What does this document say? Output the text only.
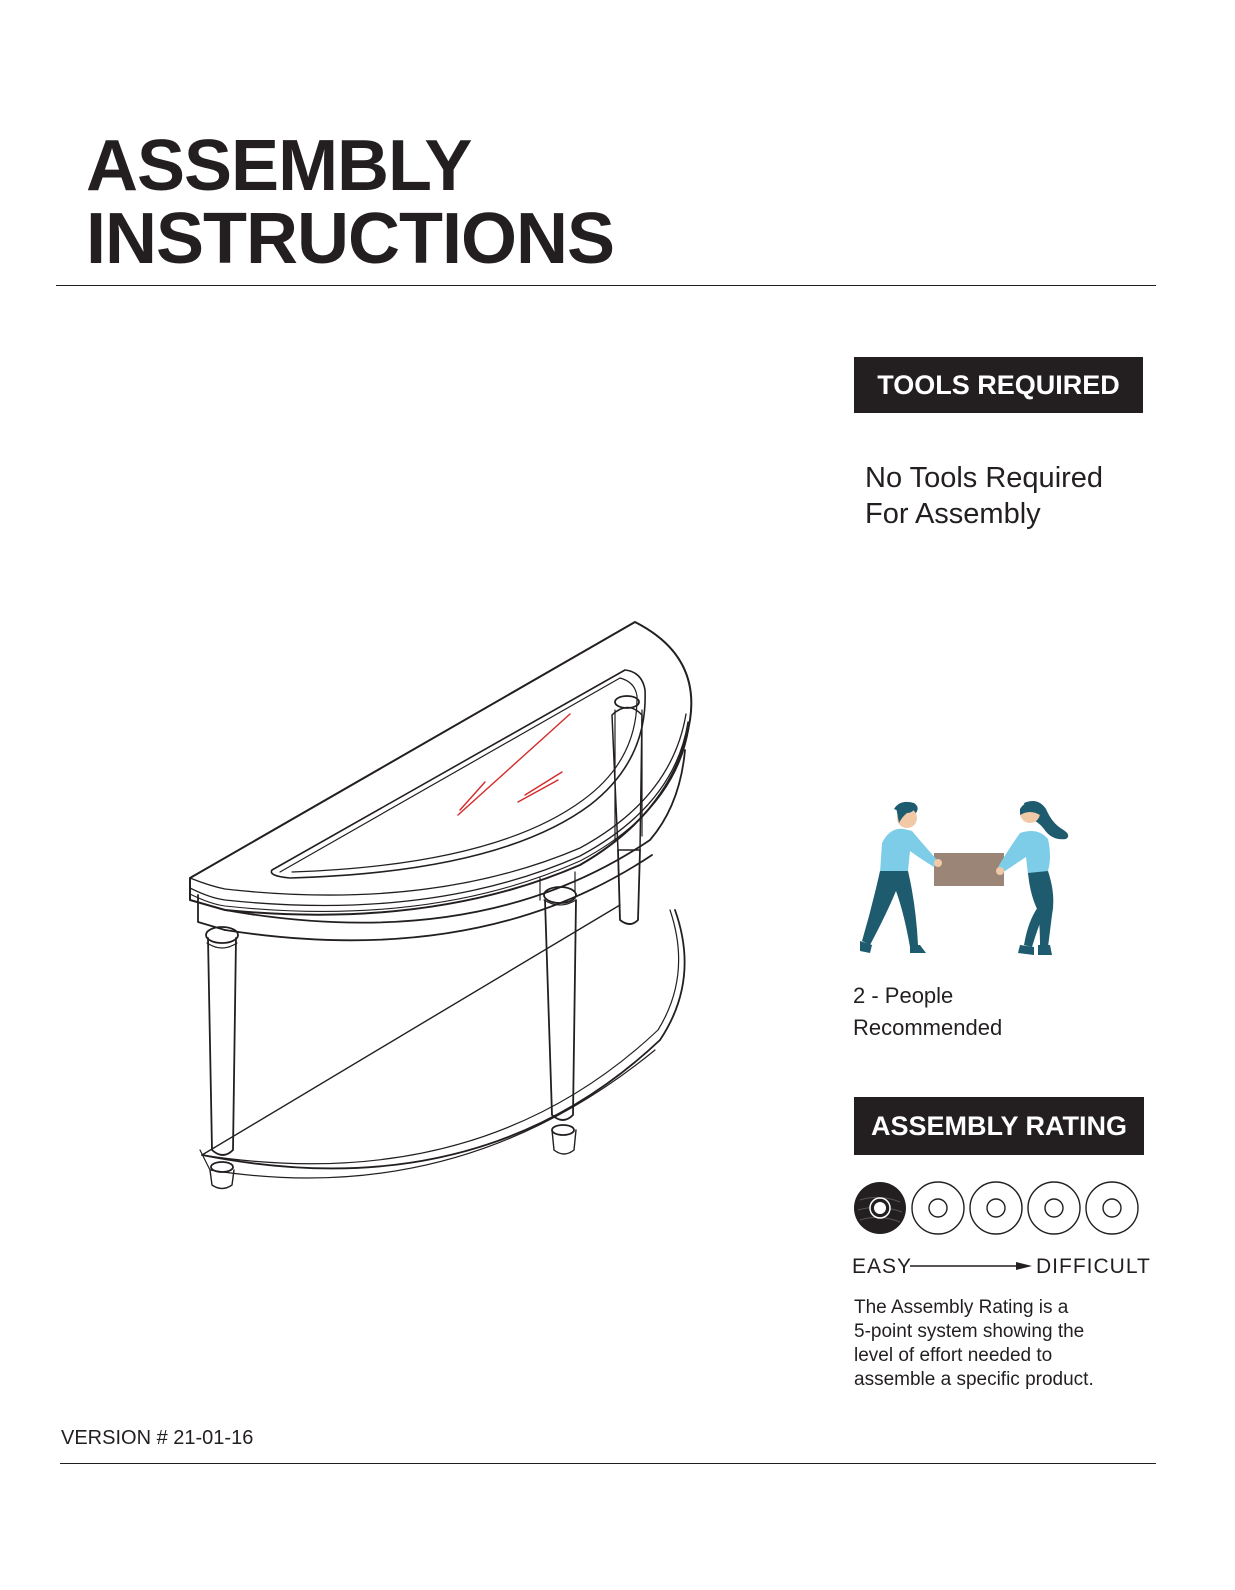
ASSEMBLY
INSTRUCTIONS
TOOLS REQUIRED
No Tools Required
For Assembly
2 - People
Recommended
ASSEMBLY RATING
EASY	DIFFICULT
The Assembly Rating is a
5-point system showing the
level of effort needed to
assemble a specific product.
VERSION # 21-01-16
